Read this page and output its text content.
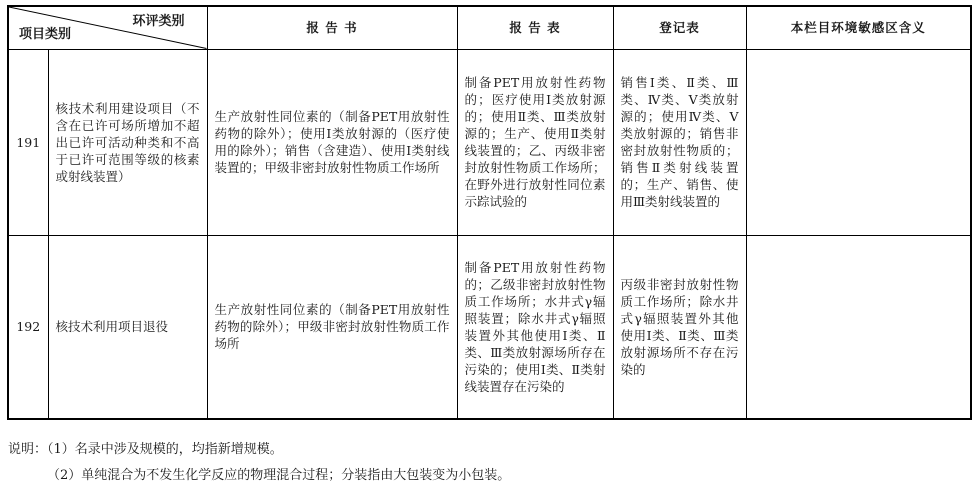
环评类别
项目类别		报 告 书	报 告 表	登记表	本栏目环境敏感区含义
191	核技术利用建设项目（不含在已许可场所增加不超出已许可活动种类和不高于已许可范围等级的核素或射线装置）	生产放射性同位素的（制备PET用放射性药物的除外）；使用I类放射源的（医疗使用的除外）；销售（含建造）、使用I类射线装置的；甲级非密封放射性物质工作场所	制备PET用放射性药物的；医疗使用Ⅰ类放射源的；使用Ⅱ类、Ⅲ类放射源的；生产、使用Ⅱ类射线装置的；乙、丙级非密封放射性物质工作场所；在野外进行放射性同位素示踪试验的	销售Ⅰ类、Ⅱ类、Ⅲ类、Ⅳ类、Ⅴ类放射源的；使用Ⅳ类、Ⅴ类放射源的；销售非密封放射性物质的；销售Ⅱ类射线装置的；生产、销售、使用Ⅲ类射线装置的	
192	核技术利用项目退役	生产放射性同位素的（制备PET用放射性药物的除外）；甲级非密封放射性物质工作场所	制备PET用放射性药物的；乙级非密封放射性物质工作场所；水井式γ辐照装置；除水井式γ辐照装置外其他使用Ⅰ类、Ⅱ类、Ⅲ类放射源场所存在污染的；使用Ⅰ类、Ⅱ类射线装置存在污染的	丙级非密封放射性物质工作场所；除水井式γ辐照装置外其他使用Ⅰ类、Ⅱ类、Ⅲ类放射源场所不存在污染的	
说明：（1）名录中涉及规模的，均指新增规模。
（2）单纯混合为不发生化学反应的物理混合过程；分装指由大包装变为小包装。
